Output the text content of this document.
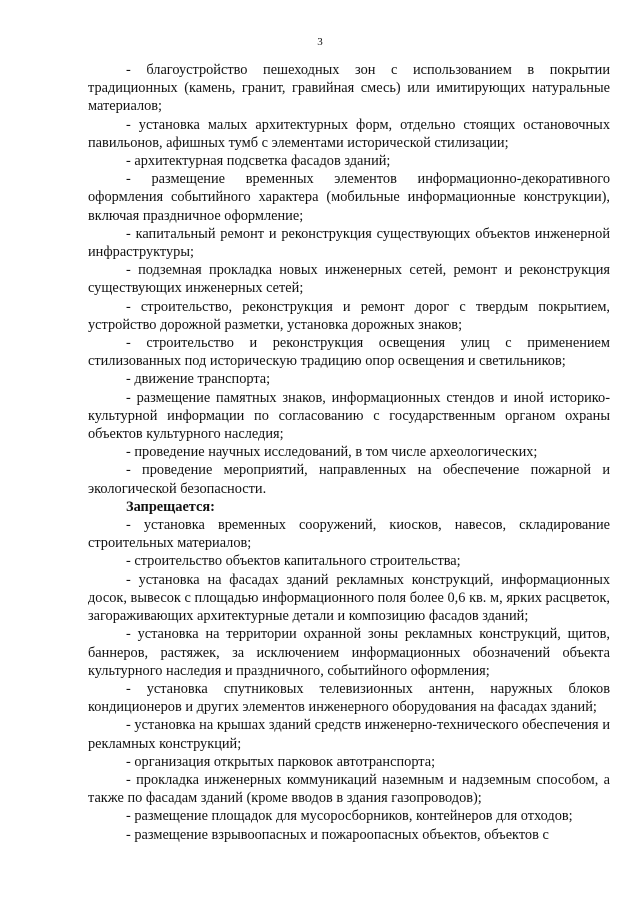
3

- благоустройство пешеходных зон с использованием в покрытии традиционных (камень, гранит, гравийная смесь) или имитирующих натуральные материалов;

- установка малых архитектурных форм, отдельно стоящих остановочных павильонов, афишных тумб с элементами исторической стилизации;

- архитектурная подсветка фасадов зданий;

- размещение временных элементов информационно-декоративного оформления событийного характера (мобильные информационные конструкции), включая праздничное оформление;

- капитальный ремонт и реконструкция существующих объектов инженерной инфраструктуры;

- подземная прокладка новых инженерных сетей, ремонт и реконструкция существующих инженерных сетей;

- строительство, реконструкция и ремонт дорог с твердым покрытием, устройство дорожной разметки, установка дорожных знаков;

- строительство и реконструкция освещения улиц с применением стилизованных под историческую традицию опор освещения и светильников;

- движение транспорта;

- размещение памятных знаков, информационных стендов и иной историко-культурной информации по согласованию с государственным органом охраны объектов культурного наследия;

- проведение научных исследований, в том числе археологических;

- проведение мероприятий, направленных на обеспечение пожарной и экологической безопасности.

Запрещается:

- установка временных сооружений, киосков, навесов, складирование строительных материалов;

- строительство объектов капитального строительства;

- установка на фасадах зданий рекламных конструкций, информационных досок, вывесок с площадью информационного поля более 0,6 кв. м, ярких расцветок, загораживающих архитектурные детали и композицию фасадов зданий;

- установка на территории охранной зоны рекламных конструкций, щитов, баннеров, растяжек, за исключением информационных обозначений объекта культурного наследия и праздничного, событийного оформления;

- установка спутниковых телевизионных антенн, наружных блоков кондиционеров и других элементов инженерного оборудования на фасадах зданий;

- установка на крышах зданий средств инженерно-технического обеспечения и рекламных конструкций;

- организация открытых парковок автотранспорта;

- прокладка инженерных коммуникаций наземным и надземным способом, а также по фасадам зданий (кроме вводов в здания газопроводов);

- размещение площадок для мусоросборников, контейнеров для отходов;

- размещение взрывоопасных и пожароопасных объектов, объектов с
